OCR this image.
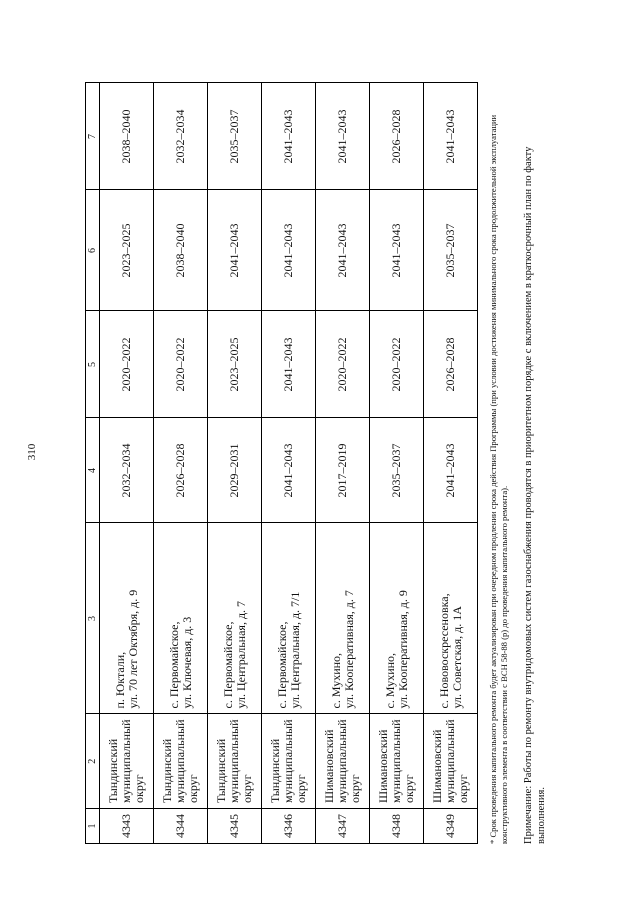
310
1	2	3	4	5	6	7
4343	Тындинский
муниципальный
округ	п. Юктали,
ул. 70 лет Октября, д. 9	2032–2034	2020–2022	2023–2025	2038–2040
4344	Тындинский
муниципальный
округ	с. Первомайское,
ул. Ключевая, д. 3	2026–2028	2020–2022	2038–2040	2032–2034
4345	Тындинский
муниципальный
округ	с. Первомайское,
ул. Центральная, д. 7	2029–2031	2023–2025	2041–2043	2035–2037
4346	Тындинский
муниципальный
округ	с. Первомайское,
ул. Центральная, д. 7/1	2041–2043	2041–2043	2041–2043	2041–2043
4347	Шимановский
муниципальный
округ	с. Мухино,
ул. Кооперативная, д. 7	2017–2019	2020–2022	2041–2043	2041–2043
4348	Шимановский
муниципальный
округ	с. Мухино,
ул. Кооперативная, д. 9	2035–2037	2020–2022	2041–2043	2026–2028
4349	Шимановский
муниципальный
округ	с. Нововоскресеновка,
ул. Советская, д. 1А	2041–2043	2026–2028	2035–2037	2041–2043	* Срок проведения капитального ремонта будет актуализирован при очередном продлении срока действия Программы (при условии достижения минимального срока продолжительной эксплуатации конструктивного элемента в соответствии с ВСН 58-88 (р) до проведения капитального ремонта). Примечание: Работы по ремонту внутридомовых систем газоснабжения проводятся в приоритетном порядке с включением в краткосрочный план по факту выполнения.
